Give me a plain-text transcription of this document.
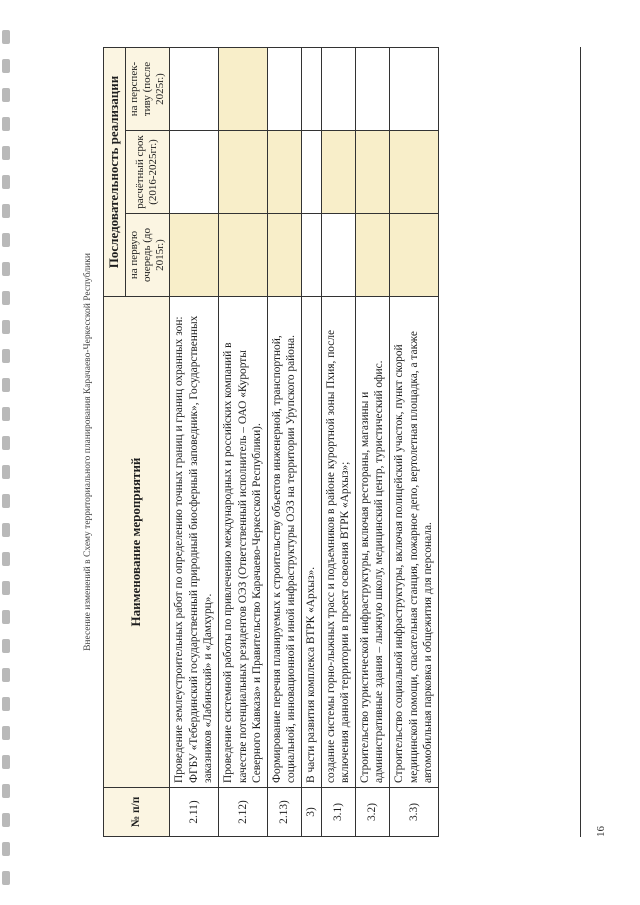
Внесение изменений в Схему территориального планирования Карачаево-Черкесской Республики
№ п/п	Наименование мероприятий	Последовательность реализации		
		на первую очередь (до 2015г.)	расчётный срок (2016-2025гг.)	на перспек-тиву (после 2025г.)
2.11)	Проведение землеустроительных работ по определению точных границ и границ охранных зон: ФГБУ «Тебердинский государственный природный биосферный заповедник», Государственных заказников «Лабинский» и «Дамхурц».			
2.12)	Проведение системной работы по привлечению международных и российских компаний в качестве потенциальных резидентов ОЭЗ (Ответственный исполнитель – ОАО «Курорты Северного Кавказа» и Правительство Карачаево-Черкесской Республики).			
2.13)	Формирование перечня планируемых к строительству объектов инженерной, транспортной, социальной, инновационной и иной инфраструктуры ОЭЗ на территории Урупского района.			
3)	В части развития комплекса ВТРК «Архыз».			
3.1)	создание системы горно-лыжных трасс и подъемников в районе курортной зоны Пхия, после включения данной территории в проект освоения ВТРК «Архыз»;			
3.2)	Строительство туристической инфраструктуры, включая рестораны, магазины и административные здания – лыжную школу, медицинский центр, туристический офис.			
3.3)	Строительство социальной инфраструктуры, включая полицейский участок, пункт скорой медицинской помощи, спасательная станция, пожарное депо, вертолетная площадка, а также автомобильная парковка и общежития для персонала.			
16
